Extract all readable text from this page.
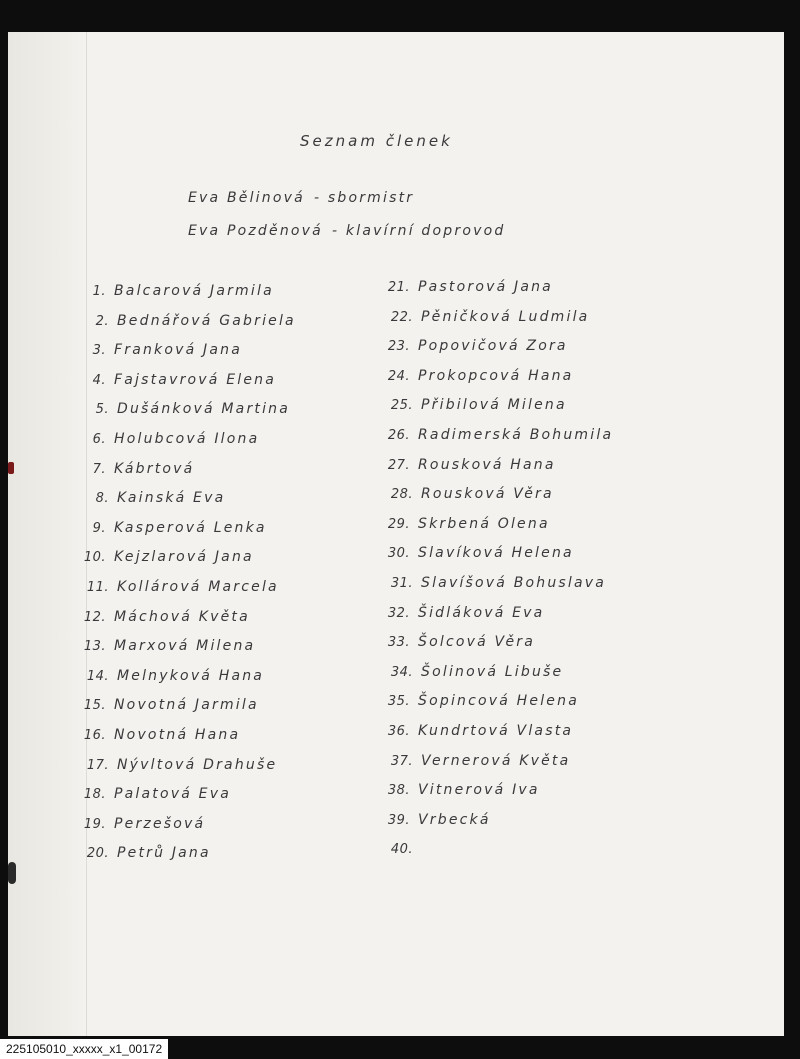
Seznam členek
Eva Bělinová - sbormistr
Eva Pozděnová - klavírní doprovod
1. Balcarová Jarmila
2. Bednářová Gabriela
3. Franková Jana
4. Fajstavrová Elena
5. Dušánková Martina
6. Holubcová Ilona
7. Kábrtová
8. Kainská Eva
9. Kasperová Lenka
10. Kejzlarová Jana
11. Kollárová Marcela
12. Máchová Květa
13. Marxová Milena
14. Melnyková Hana
15. Novotná Jarmila
16. Novotná Hana
17. Nývltová Drahuše
18. Palatová Eva
19. Perzešová
20. Petrů Jana
21. Pastorová Jana
22. Pěničková Ludmila
23. Popovičová Zora
24. Prokopcová Hana
25. Přibilová Milena
26. Radimerská Bohumila
27. Rousková Hana
28. Rousková Věra
29. Skrbená Olena
30. Slavíková Helena
31. Slavíšová Bohuslava
32. Šidláková Eva
33. Šolcová Věra
34. Šolinová Libuše
35. Šopincová Helena
36. Kundrtová Vlasta
37. Vernerová Květa
38. Vitnerová Iva
39. Vrbecká
40.
225105010_xxxxx_x1_00172
